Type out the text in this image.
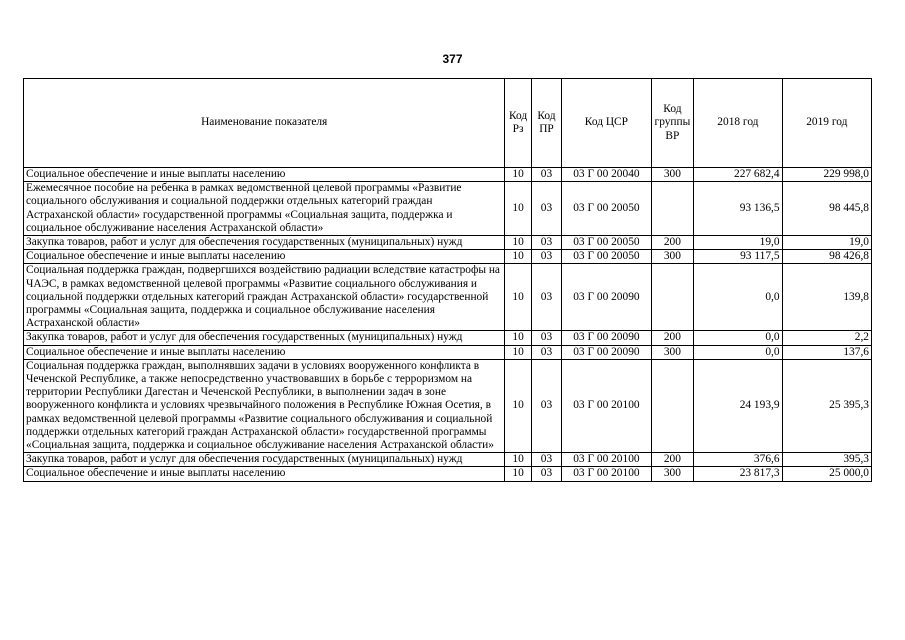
377
Наименование показателя	Код Рз	Код ПР	Код ЦСР	Код группы ВР	2018 год	2019 год
Социальное обеспечение и иные выплаты населению	10	03	03 Г 00 20040	300	227 682,4	229 998,0
Ежемесячное пособие на ребенка в рамках ведомственной целевой программы «Развитие социального обслуживания и социальной поддержки отдельных категорий граждан Астраханской области» государственной программы «Социальная защита, поддержка и социальное обслуживание населения Астраханской области»	10	03	03 Г 00 20050		93 136,5	98 445,8
Закупка товаров, работ и услуг для обеспечения государственных (муниципальных) нужд	10	03	03 Г 00 20050	200	19,0	19,0
Социальное обеспечение и иные выплаты населению	10	03	03 Г 00 20050	300	93 117,5	98 426,8
Социальная поддержка граждан, подвергшихся воздействию радиации вследствие катастрофы на ЧАЭС, в рамках ведомственной целевой программы «Развитие социального обслуживания и социальной поддержки отдельных категорий граждан Астраханской области» государственной программы «Социальная защита, поддержка и социальное обслуживание населения Астраханской области»	10	03	03 Г 00 20090		0,0	139,8
Закупка товаров, работ и услуг для обеспечения государственных (муниципальных) нужд	10	03	03 Г 00 20090	200	0,0	2,2
Социальное обеспечение и иные выплаты населению	10	03	03 Г 00 20090	300	0,0	137,6
Социальная поддержка граждан, выполнявших задачи в условиях вооруженного конфликта в Чеченской Республике, а также непосредственно участвовавших в борьбе с терроризмом на территории Республики Дагестан и Чеченской Республики, в выполнении задач в зоне вооруженного конфликта и условиях чрезвычайного положения в Республике Южная Осетия, в рамках ведомственной целевой программы «Развитие социального обслуживания и социальной поддержки отдельных категорий граждан Астраханской области» государственной программы «Социальная защита, поддержка и социальное обслуживание населения Астраханской области»	10	03	03 Г 00 20100		24 193,9	25 395,3
Закупка товаров, работ и услуг для обеспечения государственных (муниципальных) нужд	10	03	03 Г 00 20100	200	376,6	395,3
Социальное обеспечение и иные выплаты населению	10	03	03 Г 00 20100	300	23 817,3	25 000,0
